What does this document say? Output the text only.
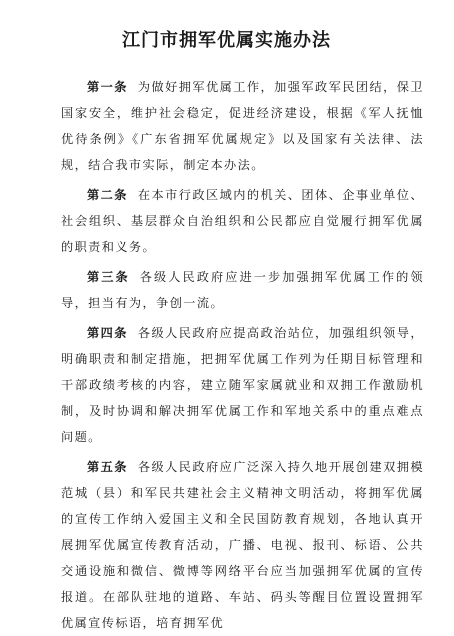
江门市拥军优属实施办法

第一条 为做好拥军优属工作，加强军政军民团结，保卫国家安全，维护社会稳定，促进经济建设，根据《军人抚恤优待条例》《广东省拥军优属规定》以及国家有关法律、法规，结合我市实际，制定本办法。

第二条 在本市行政区域内的机关、团体、企事业单位、社会组织、基层群众自治组织和公民都应自觉履行拥军优属的职责和义务。

第三条 各级人民政府应进一步加强拥军优属工作的领导，担当有为，争创一流。

第四条 各级人民政府应提高政治站位，加强组织领导，明确职责和制定措施，把拥军优属工作列为任期目标管理和干部政绩考核的内容，建立随军家属就业和双拥工作激励机制，及时协调和解决拥军优属工作和军地关系中的重点难点问题。

第五条 各级人民政府应广泛深入持久地开展创建双拥模范城（县）和军民共建社会主义精神文明活动，将拥军优属的宣传工作纳入爱国主义和全民国防教育规划，各地认真开展拥军优属宣传教育活动，广播、电视、报刊、标语、公共交通设施和微信、微博等网络平台应当加强拥军优属的宣传报道。在部队驻地的道路、车站、码头等醒目位置设置拥军优属宣传标语，培育拥军优
